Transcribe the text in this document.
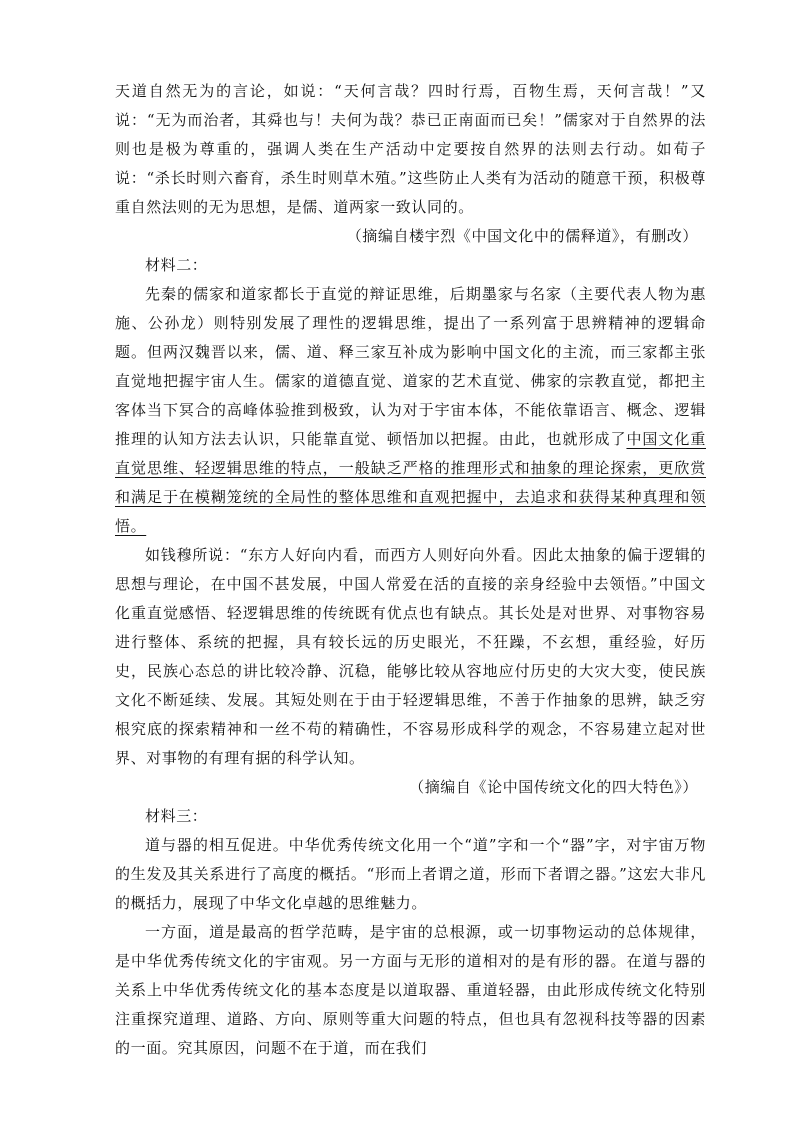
天道自然无为的言论，如说：“天何言哉？四时行焉，百物生焉，天何言哉！”又说：“无为而治者，其舜也与！夫何为哉？恭已正南面而已矣！”儒家对于自然界的法则也是极为尊重的，强调人类在生产活动中定要按自然界的法则去行动。如荀子说：“杀长时则六畜育，杀生时则草木殖。”这些防止人类有为活动的随意干预，积极尊重自然法则的无为思想，是儒、道两家一致认同的。

（摘编自楼宇烈《中国文化中的儒释道》，有删改）

材料二：

先秦的儒家和道家都长于直觉的辩证思维，后期墨家与名家（主要代表人物为惠施、公孙龙）则特别发展了理性的逻辑思维，提出了一系列富于思辨精神的逻辑命题。但两汉魏晋以来，儒、道、释三家互补成为影响中国文化的主流，而三家都主张直觉地把握宇宙人生。儒家的道德直觉、道家的艺术直觉、佛家的宗教直觉，都把主客体当下冥合的高峰体验推到极致，认为对于宇宙本体，不能依靠语言、概念、逻辑推理的认知方法去认识，只能靠直觉、顿悟加以把握。由此，也就形成了中国文化重直觉思维、轻逻辑思维的特点，一般缺乏严格的推理形式和抽象的理论探索，更欣赏和满足于在模糊笼统的全局性的整体思维和直观把握中，去追求和获得某种真理和领悟。

如钱穆所说：“东方人好向内看，而西方人则好向外看。因此太抽象的偏于逻辑的思想与理论，在中国不甚发展，中国人常爱在活的直接的亲身经验中去领悟。”中国文化重直觉感悟、轻逻辑思维的传统既有优点也有缺点。其长处是对世界、对事物容易进行整体、系统的把握，具有较长远的历史眼光，不狂躁，不玄想，重经验，好历史，民族心态总的讲比较冷静、沉稳，能够比较从容地应付历史的大灾大变，使民族文化不断延续、发展。其短处则在于由于轻逻辑思维，不善于作抽象的思辨，缺乏穷根究底的探索精神和一丝不苟的精确性，不容易形成科学的观念，不容易建立起对世界、对事物的有理有据的科学认知。

（摘编自《论中国传统文化的四大特色》）

材料三：

道与器的相互促进。中华优秀传统文化用一个“道”字和一个“器”字，对宇宙万物的生发及其关系进行了高度的概括。“形而上者谓之道，形而下者谓之器。”这宏大非凡的概括力，展现了中华文化卓越的思维魅力。

一方面，道是最高的哲学范畴，是宇宙的总根源，或一切事物运动的总体规律，是中华优秀传统文化的宇宙观。另一方面与无形的道相对的是有形的器。在道与器的关系上中华优秀传统文化的基本态度是以道取器、重道轻器，由此形成传统文化特别注重探究道理、道路、方向、原则等重大问题的特点，但也具有忽视科技等器的因素的一面。究其原因，问题不在于道，而在我们
